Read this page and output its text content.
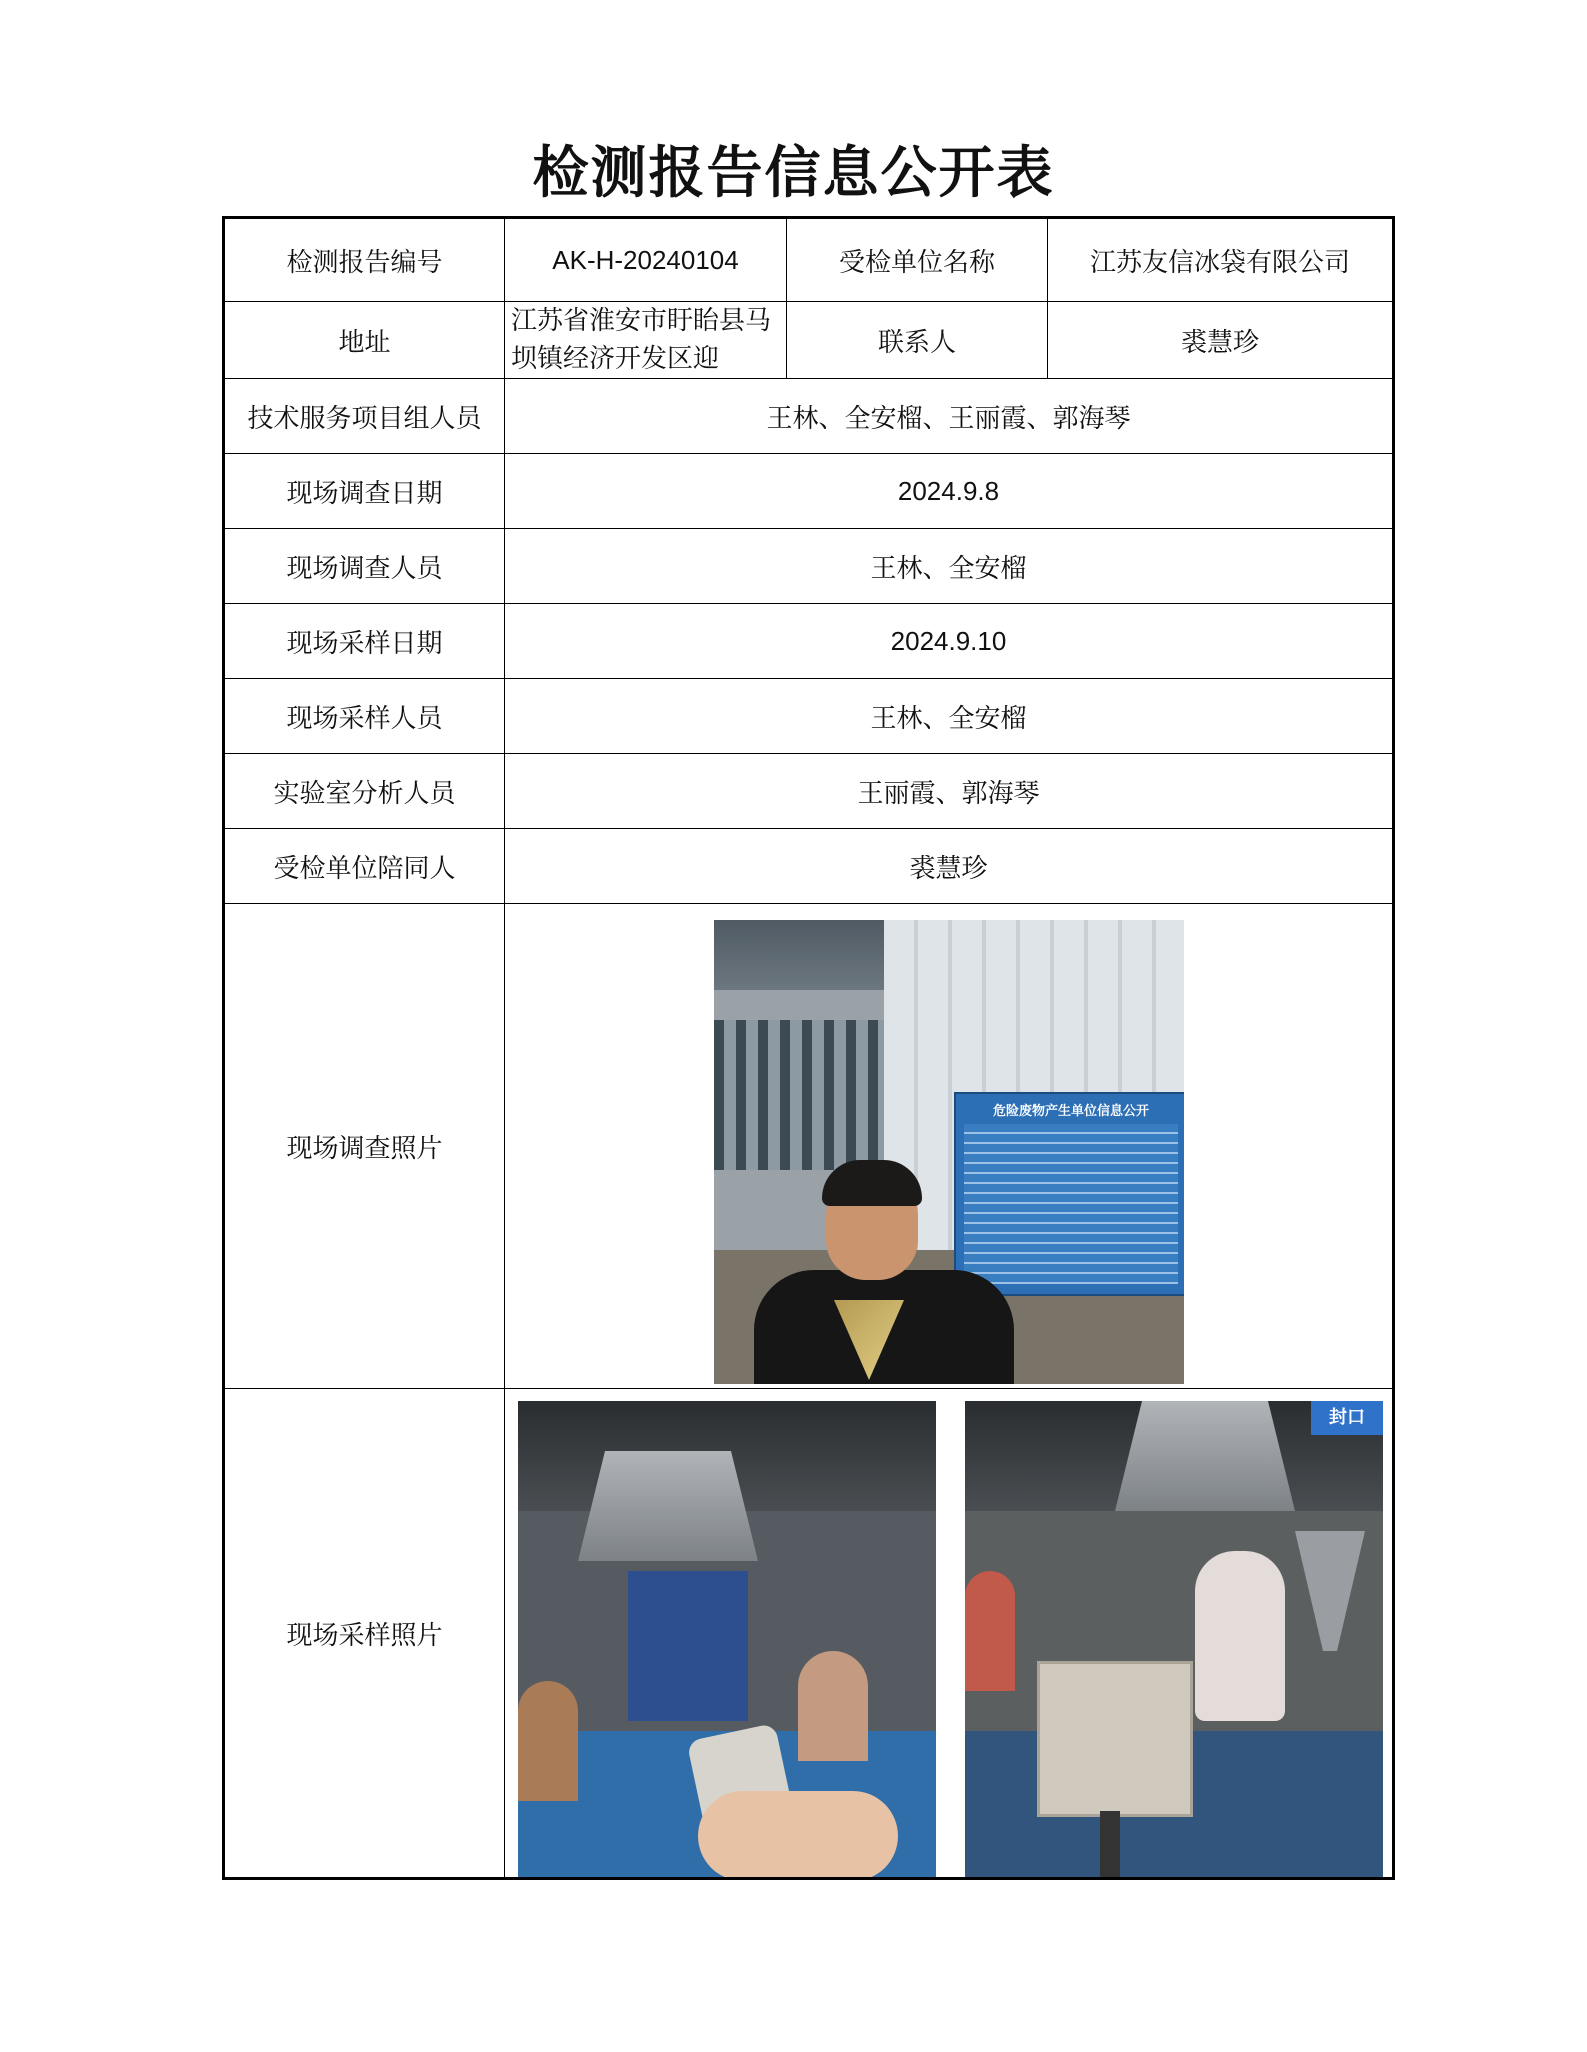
检测报告信息公开表
检测报告编号	AK-H-20240104	受检单位名称	江苏友信冰袋有限公司
地址	江苏省淮安市盱眙县马坝镇经济开发区迎	联系人	裘慧珍
技术服务项目组人员	王林、全安榴、王丽霞、郭海琴		
现场调查日期	2024.9.8		
现场调查人员	王林、全安榴		
现场采样日期	2024.9.10		
现场采样人员	王林、全安榴		
实验室分析人员	王丽霞、郭海琴		
受检单位陪同人	裘慧珍		
现场调查照片	危险废物产生单位信息公开		

现场采样照片	封口		
